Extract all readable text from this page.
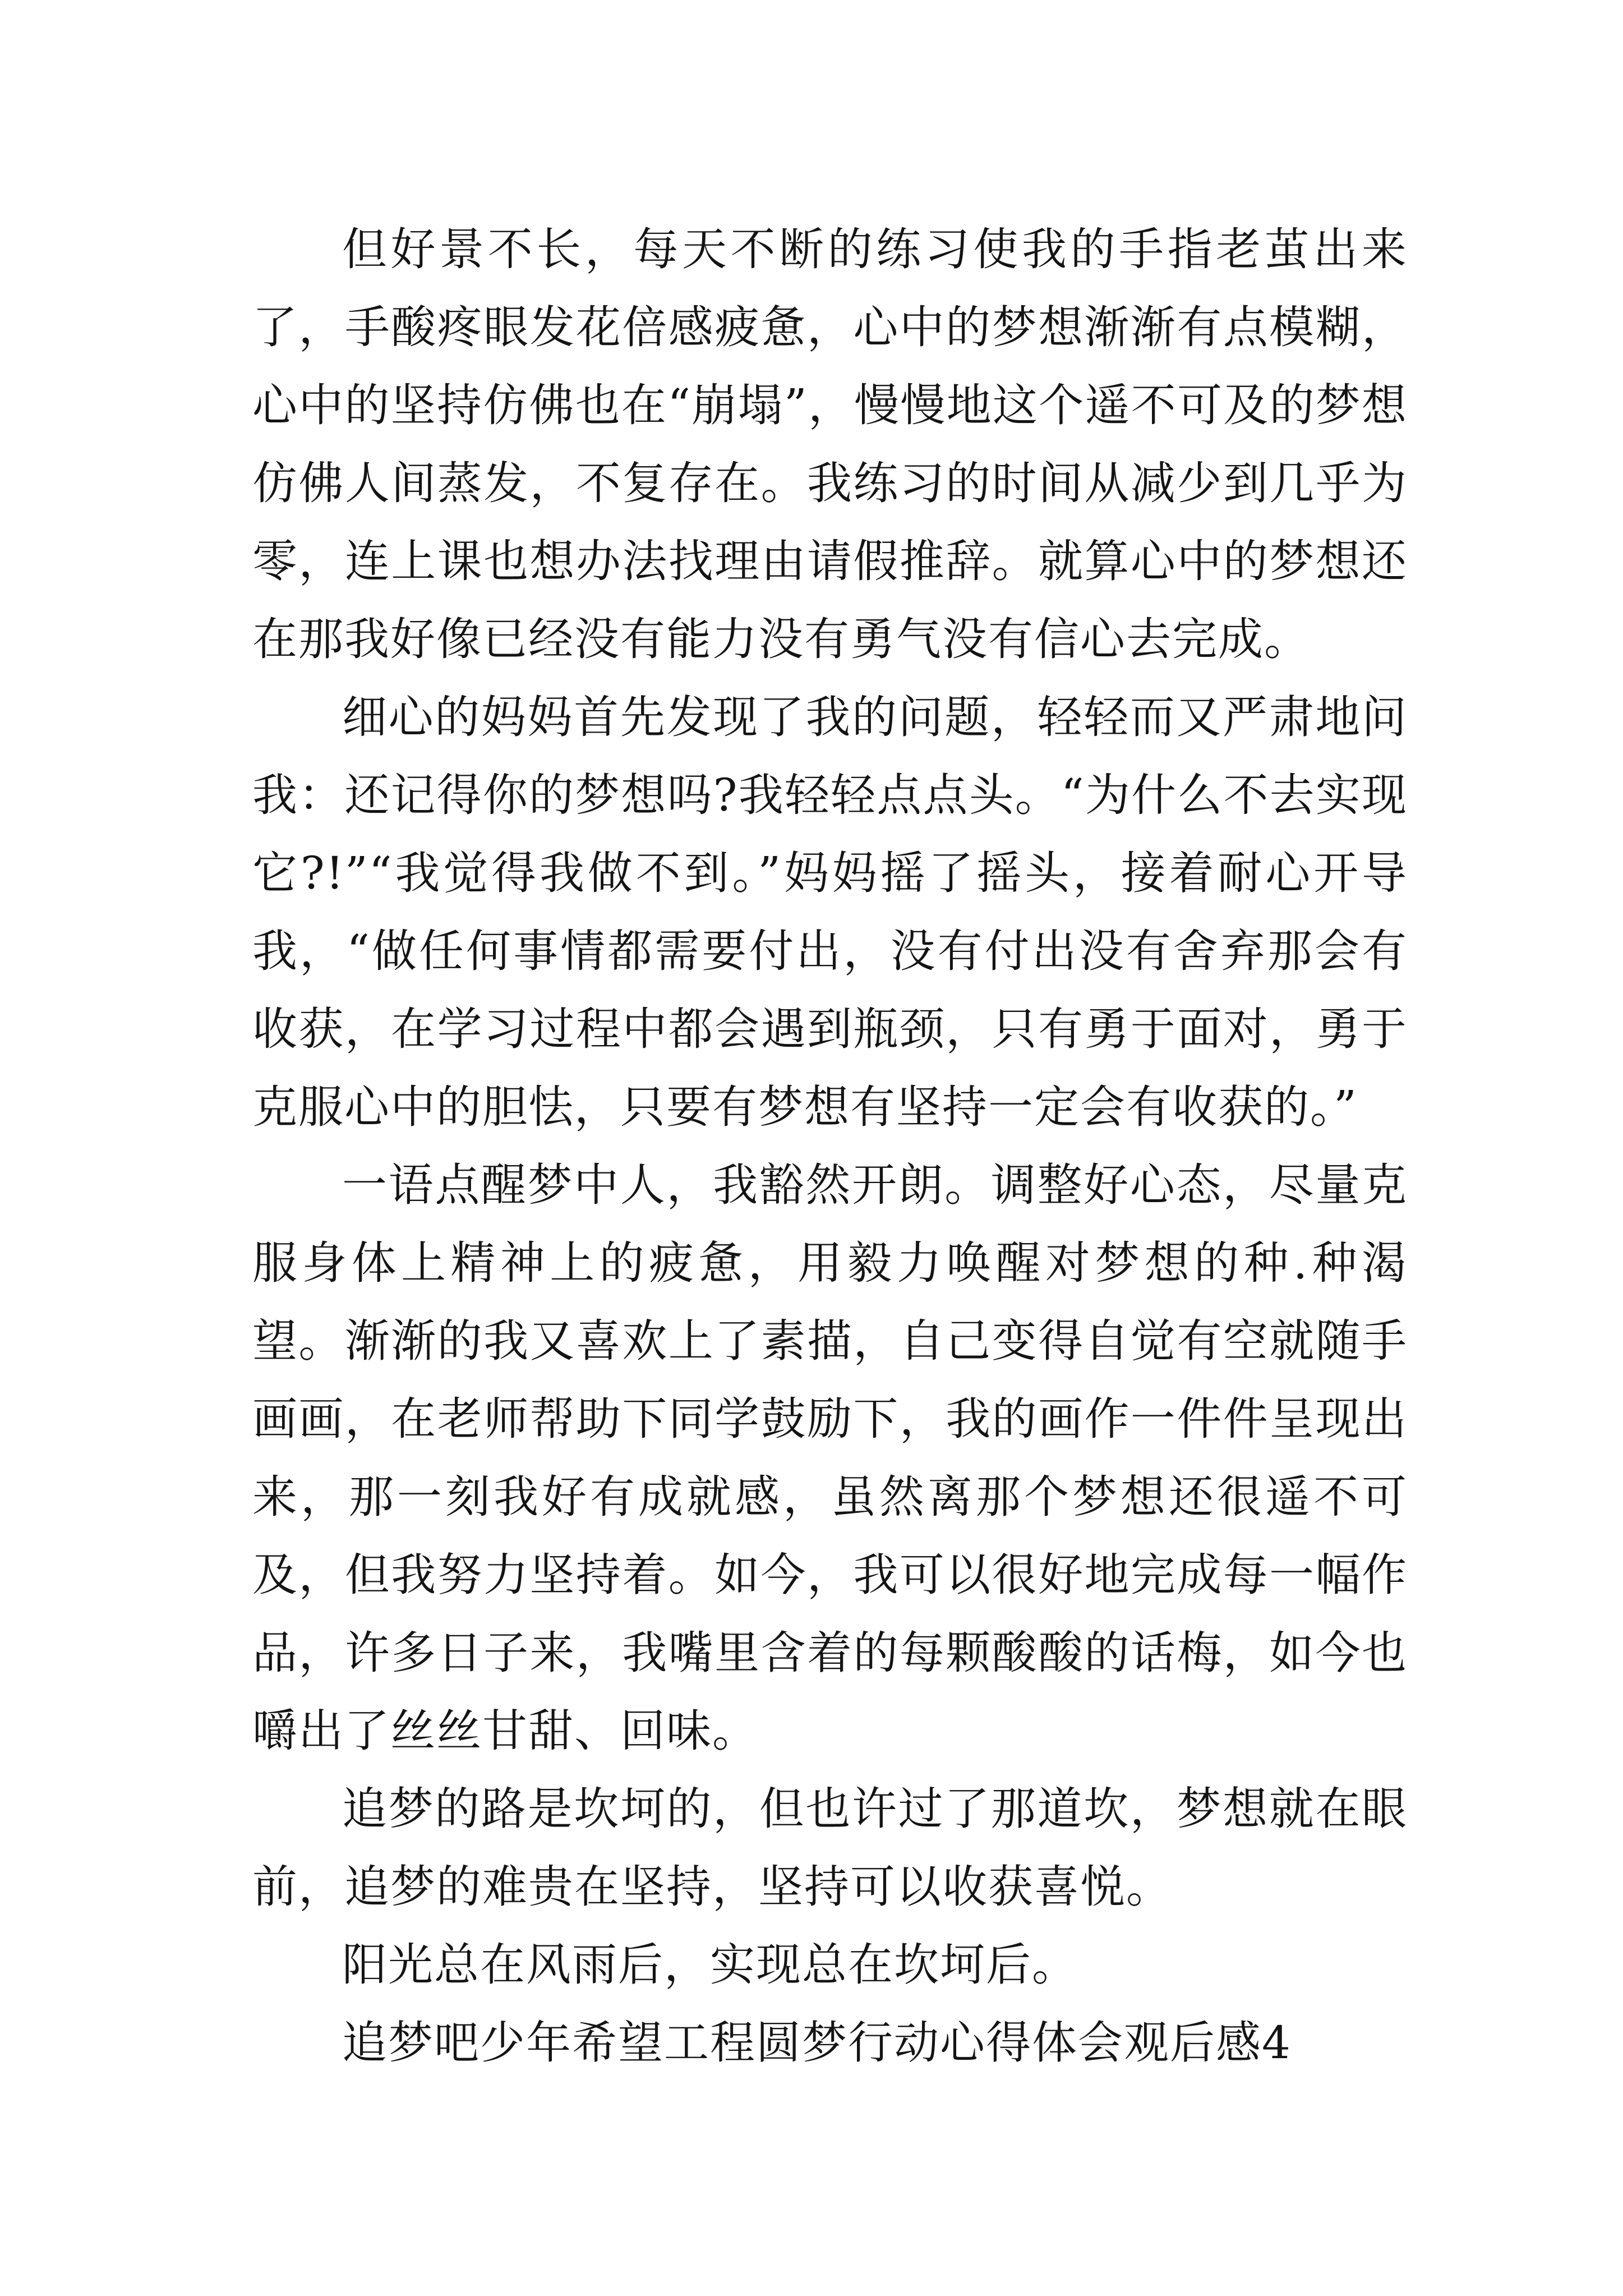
但好景不长，每天不断的练习使我的手指老茧出来了，手酸疼眼发花倍感疲惫，心中的梦想渐渐有点模糊，心中的坚持仿佛也在“崩塌”，慢慢地这个遥不可及的梦想仿佛人间蒸发，不复存在。我练习的时间从减少到几乎为零，连上课也想办法找理由请假推辞。就算心中的梦想还在那我好像已经没有能力没有勇气没有信心去完成。

细心的妈妈首先发现了我的问题，轻轻而又严肃地问我：还记得你的梦想吗?我轻轻点点头。“为什么不去实现它?!”“我觉得我做不到。”妈妈摇了摇头，接着耐心开导我，“做任何事情都需要付出，没有付出没有舍弃那会有收获，在学习过程中都会遇到瓶颈，只有勇于面对，勇于克服心中的胆怯，只要有梦想有坚持一定会有收获的。”

一语点醒梦中人，我豁然开朗。调整好心态，尽量克服身体上精神上的疲惫，用毅力唤醒对梦想的种.种渴望。渐渐的我又喜欢上了素描，自己变得自觉有空就随手画画，在老师帮助下同学鼓励下，我的画作一件件呈现出来，那一刻我好有成就感，虽然离那个梦想还很遥不可及，但我努力坚持着。如今，我可以很好地完成每一幅作品，许多日子来，我嘴里含着的每颗酸酸的话梅，如今也嚼出了丝丝甘甜、回味。

追梦的路是坎坷的，但也许过了那道坎，梦想就在眼前，追梦的难贵在坚持，坚持可以收获喜悦。

阳光总在风雨后，实现总在坎坷后。

追梦吧少年希望工程圆梦行动心得体会观后感4
